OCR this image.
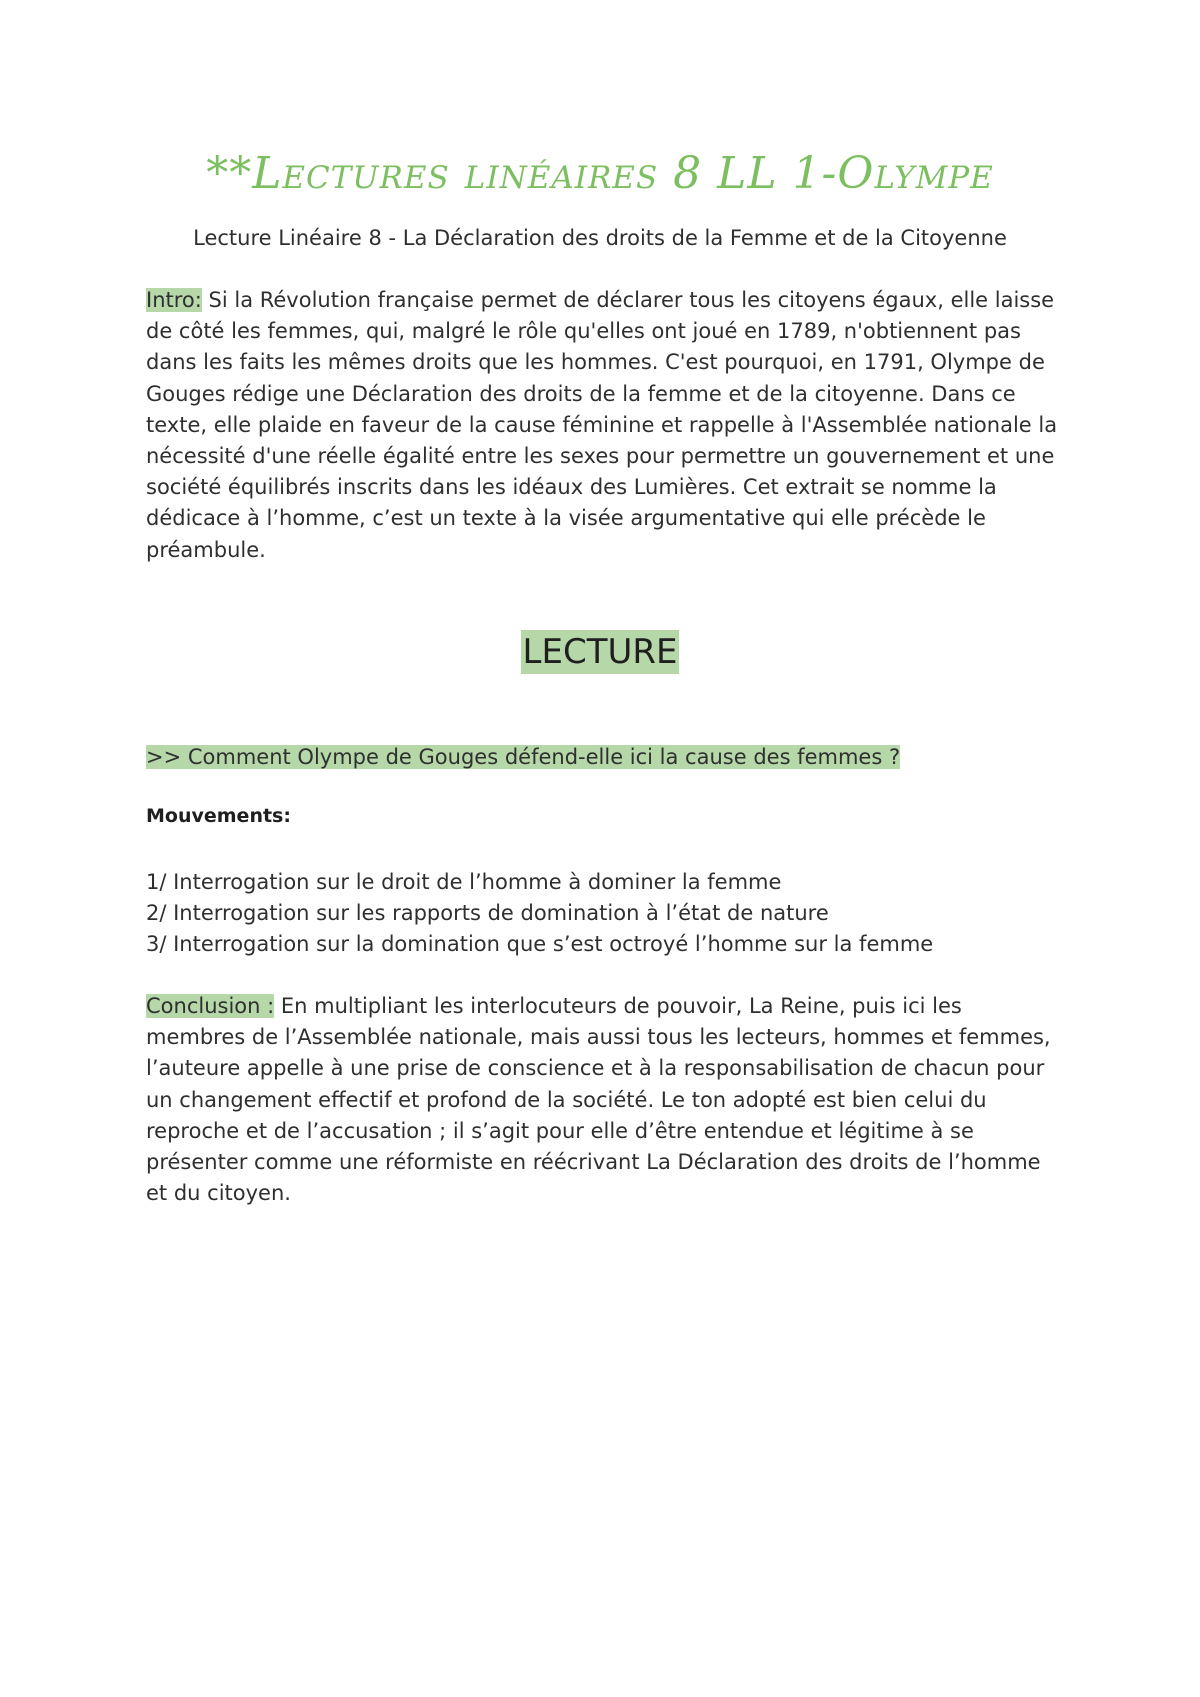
**Lectures linéaires 8 LL 1-Olympe
Lecture Linéaire 8 - La Déclaration des droits de la Femme et de la Citoyenne

Intro: Si la Révolution française permet de déclarer tous les citoyens égaux, elle laisse de côté les femmes, qui, malgré le rôle qu'elles ont joué en 1789, n'obtiennent pas dans les faits les mêmes droits que les hommes. C'est pourquoi, en 1791, Olympe de Gouges rédige une Déclaration des droits de la femme et de la citoyenne. Dans ce texte, elle plaide en faveur de la cause féminine et rappelle à l'Assemblée nationale la nécessité d'une réelle égalité entre les sexes pour permettre un gouvernement et une société équilibrés inscrits dans les idéaux des Lumières. Cet extrait se nomme la dédicace à l’homme, c’est un texte à la visée argumentative qui elle précède le préambule.

LECTURE
>> Comment Olympe de Gouges défend-elle ici la cause des femmes ?
Mouvements:
1/ Interrogation sur le droit de l’homme à dominer la femme
2/ Interrogation sur les rapports de domination à l’état de nature
3/ Interrogation sur la domination que s’est octroyé l’homme sur la femme

Conclusion : En multipliant les interlocuteurs de pouvoir, La Reine, puis ici les membres de l’Assemblée nationale, mais aussi tous les lecteurs, hommes et femmes, l’auteure appelle à une prise de conscience et à la responsabilisation de chacun pour un changement effectif et profond de la société. Le ton adopté est bien celui du reproche et de l’accusation ; il s’agit pour elle d’être entendue et légitime à se présenter comme une réformiste en réécrivant La Déclaration des droits de l’homme et du citoyen.
